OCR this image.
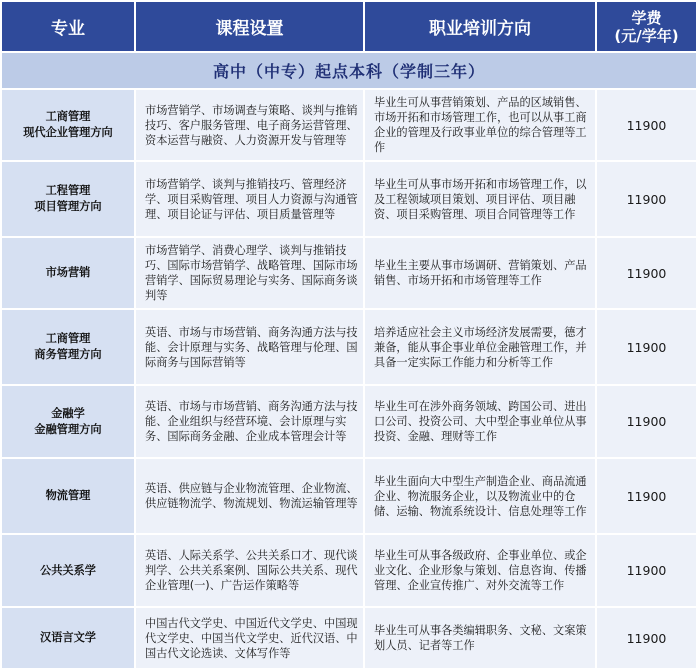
专业	课程设置	职业培训方向	学费
(元/学年)
高中（中专）起点本科（学制三年）			

工商管理
现代企业管理方向	市场营销学、市场调查与策略、谈判与推销技巧、客户服务管理、电子商务运营管理、资本运营与融资、人力资源开发与管理等	毕业生可从事营销策划、产品的区域销售、市场开拓和市场管理工作，也可以从事工商企业的管理及行政事业单位的综合管理等工作	11900

工程管理
项目管理方向	市场营销学、谈判与推销技巧、管理经济学、项目采购管理、项目人力资源与沟通管理、项目论证与评估、项目质量管理等	毕业生可从事市场开拓和市场管理工作，以及工程领域项目策划、项目评估、项目融资、项目采购管理、项目合同管理等工作	11900

市场营销	市场营销学、消费心理学、谈判与推销技巧、国际市场营销学、战略管理、国际市场营销学、国际贸易理论与实务、国际商务谈判等	毕业生主要从事市场调研、营销策划、产品销售、市场开拓和市场管理等工作	11900

工商管理
商务管理方向	英语、市场与市场营销、商务沟通方法与技能、会计原理与实务、战略管理与伦理、国际商务与国际营销等	培养适应社会主义市场经济发展需要，德才兼备，能从事企事业单位金融管理工作，并具备一定实际工作能力和分析等工作	11900

金融学
金融管理方向	英语、市场与市场营销、商务沟通方法与技能、企业组织与经营环境、会计原理与实务、国际商务金融、企业成本管理会计等	毕业生可在涉外商务领域、跨国公司、进出口公司、投资公司、大中型企事业单位从事投资、金融、理财等工作	11900

物流管理	英语、供应链与企业物流管理、企业物流、供应链物流学、物流规划、物流运输管理等	毕业生面向大中型生产制造企业、商品流通企业、物流服务企业，以及物流业中的仓储、运输、物流系统设计、信息处理等工作	11900

公共关系学	英语、人际关系学、公共关系口才、现代谈判学、公共关系案例、国际公共关系、现代企业管理(一)、广告运作策略等	毕业生可从事各级政府、企事业单位、或企业文化、企业形象与策划、信息咨询、传播管理、企业宣传推广、对外交流等工作	11900

汉语言文学	中国古代文学史、中国近代文学史、中国现代文学史、中国当代文学史、近代汉语、中国古代文论选读、文体写作等	毕业生可从事各类编辑职务、文秘、文案策划人员、记者等工作	11900
